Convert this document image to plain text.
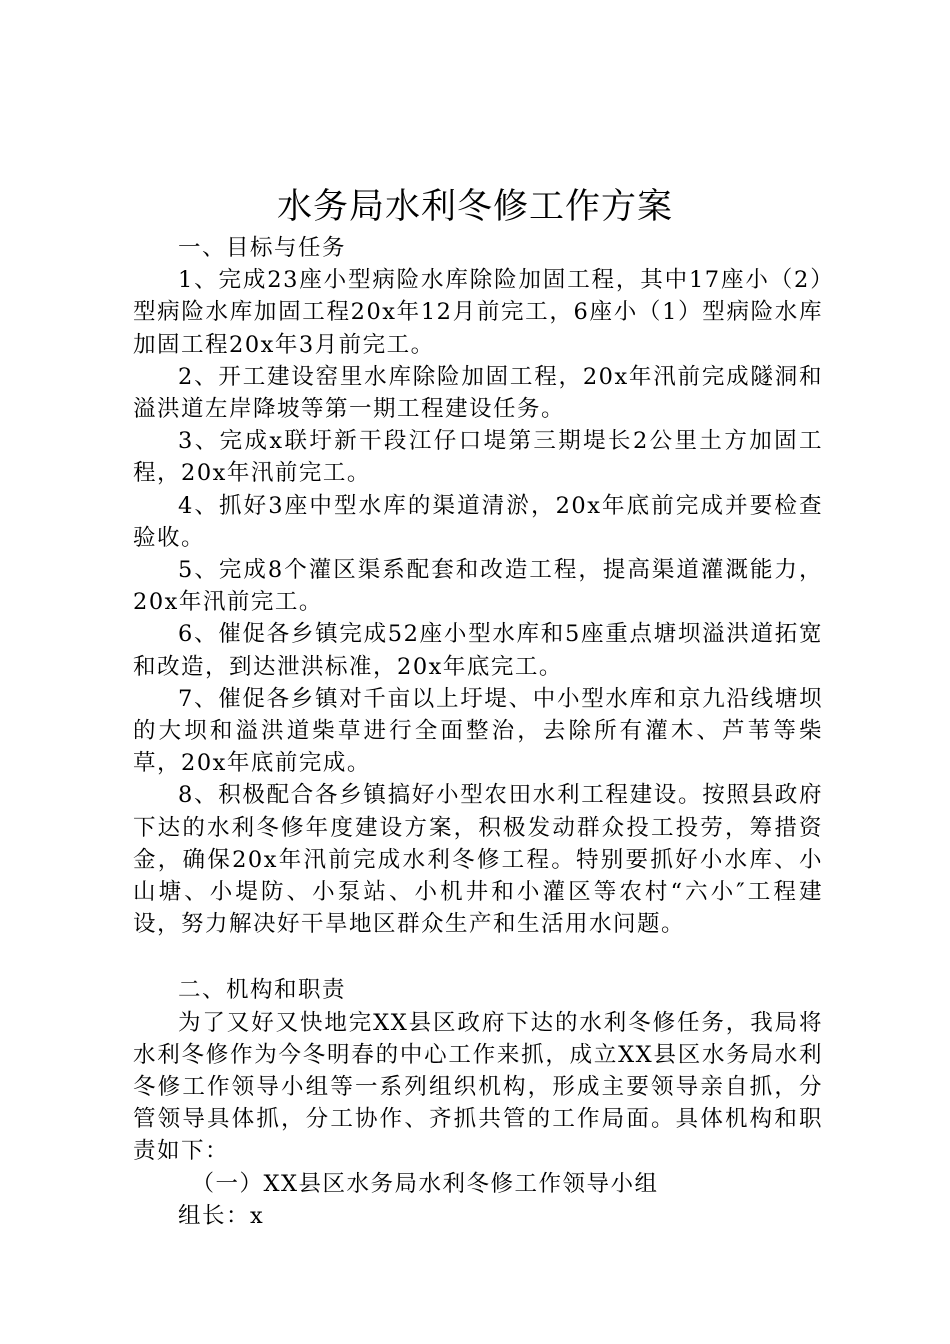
水务局水利冬修工作方案

一、目标与任务

1、完成23座小型病险水库除险加固工程，其中17座小（2）型病险水库加固工程20x年12月前完工，6座小（1）型病险水库加固工程20x年3月前完工。

2、开工建设窑里水库除险加固工程，20x年汛前完成隧洞和溢洪道左岸降坡等第一期工程建设任务。

3、完成x联圩新干段江仔口堤第三期堤长2公里土方加固工程，20x年汛前完工。

4、抓好3座中型水库的渠道清淤，20x年底前完成并要检查验收。

5、完成8个灌区渠系配套和改造工程，提高渠道灌溉能力，20x年汛前完工。

6、催促各乡镇完成52座小型水库和5座重点塘坝溢洪道拓宽和改造，到达泄洪标准，20x年底完工。

7、催促各乡镇对千亩以上圩堤、中小型水库和京九沿线塘坝的大坝和溢洪道柴草进行全面整治，去除所有灌木、芦苇等柴草，20x年底前完成。

8、积极配合各乡镇搞好小型农田水利工程建设。按照县政府下达的水利冬修年度建设方案，积极发动群众投工投劳，筹措资金，确保20x年汛前完成水利冬修工程。特别要抓好小水库、小山塘、小堤防、小泵站、小机井和小灌区等农村“六小″工程建设，努力解决好干旱地区群众生产和生活用水问题。

二、机构和职责

为了又好又快地完XX县区政府下达的水利冬修任务，我局将水利冬修作为今冬明春的中心工作来抓，成立XX县区水务局水利冬修工作领导小组等一系列组织机构，形成主要领导亲自抓，分管领导具体抓，分工协作、齐抓共管的工作局面。具体机构和职责如下：

（一）XX县区水务局水利冬修工作领导小组

组长：x
